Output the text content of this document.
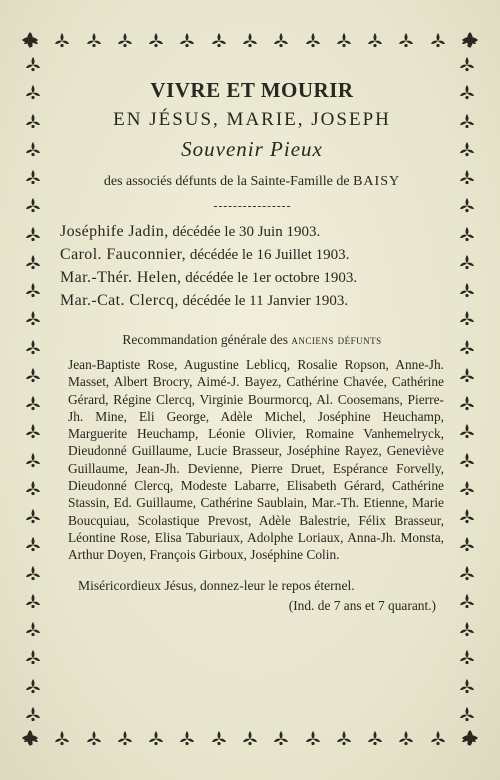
VIVRE ET MOURIR
EN JÉSUS, MARIE, JOSEPH
Souvenir Pieux
des associés défunts de la Sainte-Famille de BAISY
Joséphife Jadin, décédée le 30 Juin 1903.
Carol. Fauconnier, décédée le 16 Juillet 1903.
Mar.-Thér. Helen, décédée le 1er octobre 1903.
Mar.-Cat. Clercq, décédée le 11 Janvier 1903.
Recommandation générale des anciens défunts

Jean-Baptiste Rose, Augustine Leblicq, Rosalie Ropson, Anne-Jh. Masset, Albert Brocry, Aimé-J. Bayez, Cathérine Chavée, Cathérine Gérard, Régine Clercq, Virginie Bourmorcq, Al. Coosemans, Pierre-Jh. Mine, Eli George, Adèle Michel, Joséphine Heuchamp, Marguerite Heuchamp, Léonie Olivier, Romaine Vanhemelryck, Dieudonné Guillaume, Lucie Brasseur, Joséphine Rayez, Geneviève Guillaume, Jean-Jh. Devienne, Pierre Druet, Espérance Forvelly, Dieudonné Clercq, Modeste Labarre, Elisabeth Gérard, Cathérine Stassin, Ed. Guillaume, Cathérine Saublain, Mar.-Th. Etienne, Marie Boucquiau, Scolastique Prevost, Adèle Balestrie, Félix Brasseur, Léontine Rose, Elisa Taburiaux, Adolphe Loriaux, Anna-Jh. Monsta, Arthur Doyen, François Girboux, Joséphine Colin.

Miséricordieux Jésus, donnez-leur le repos éternel.

(Ind. de 7 ans et 7 quarant.)
